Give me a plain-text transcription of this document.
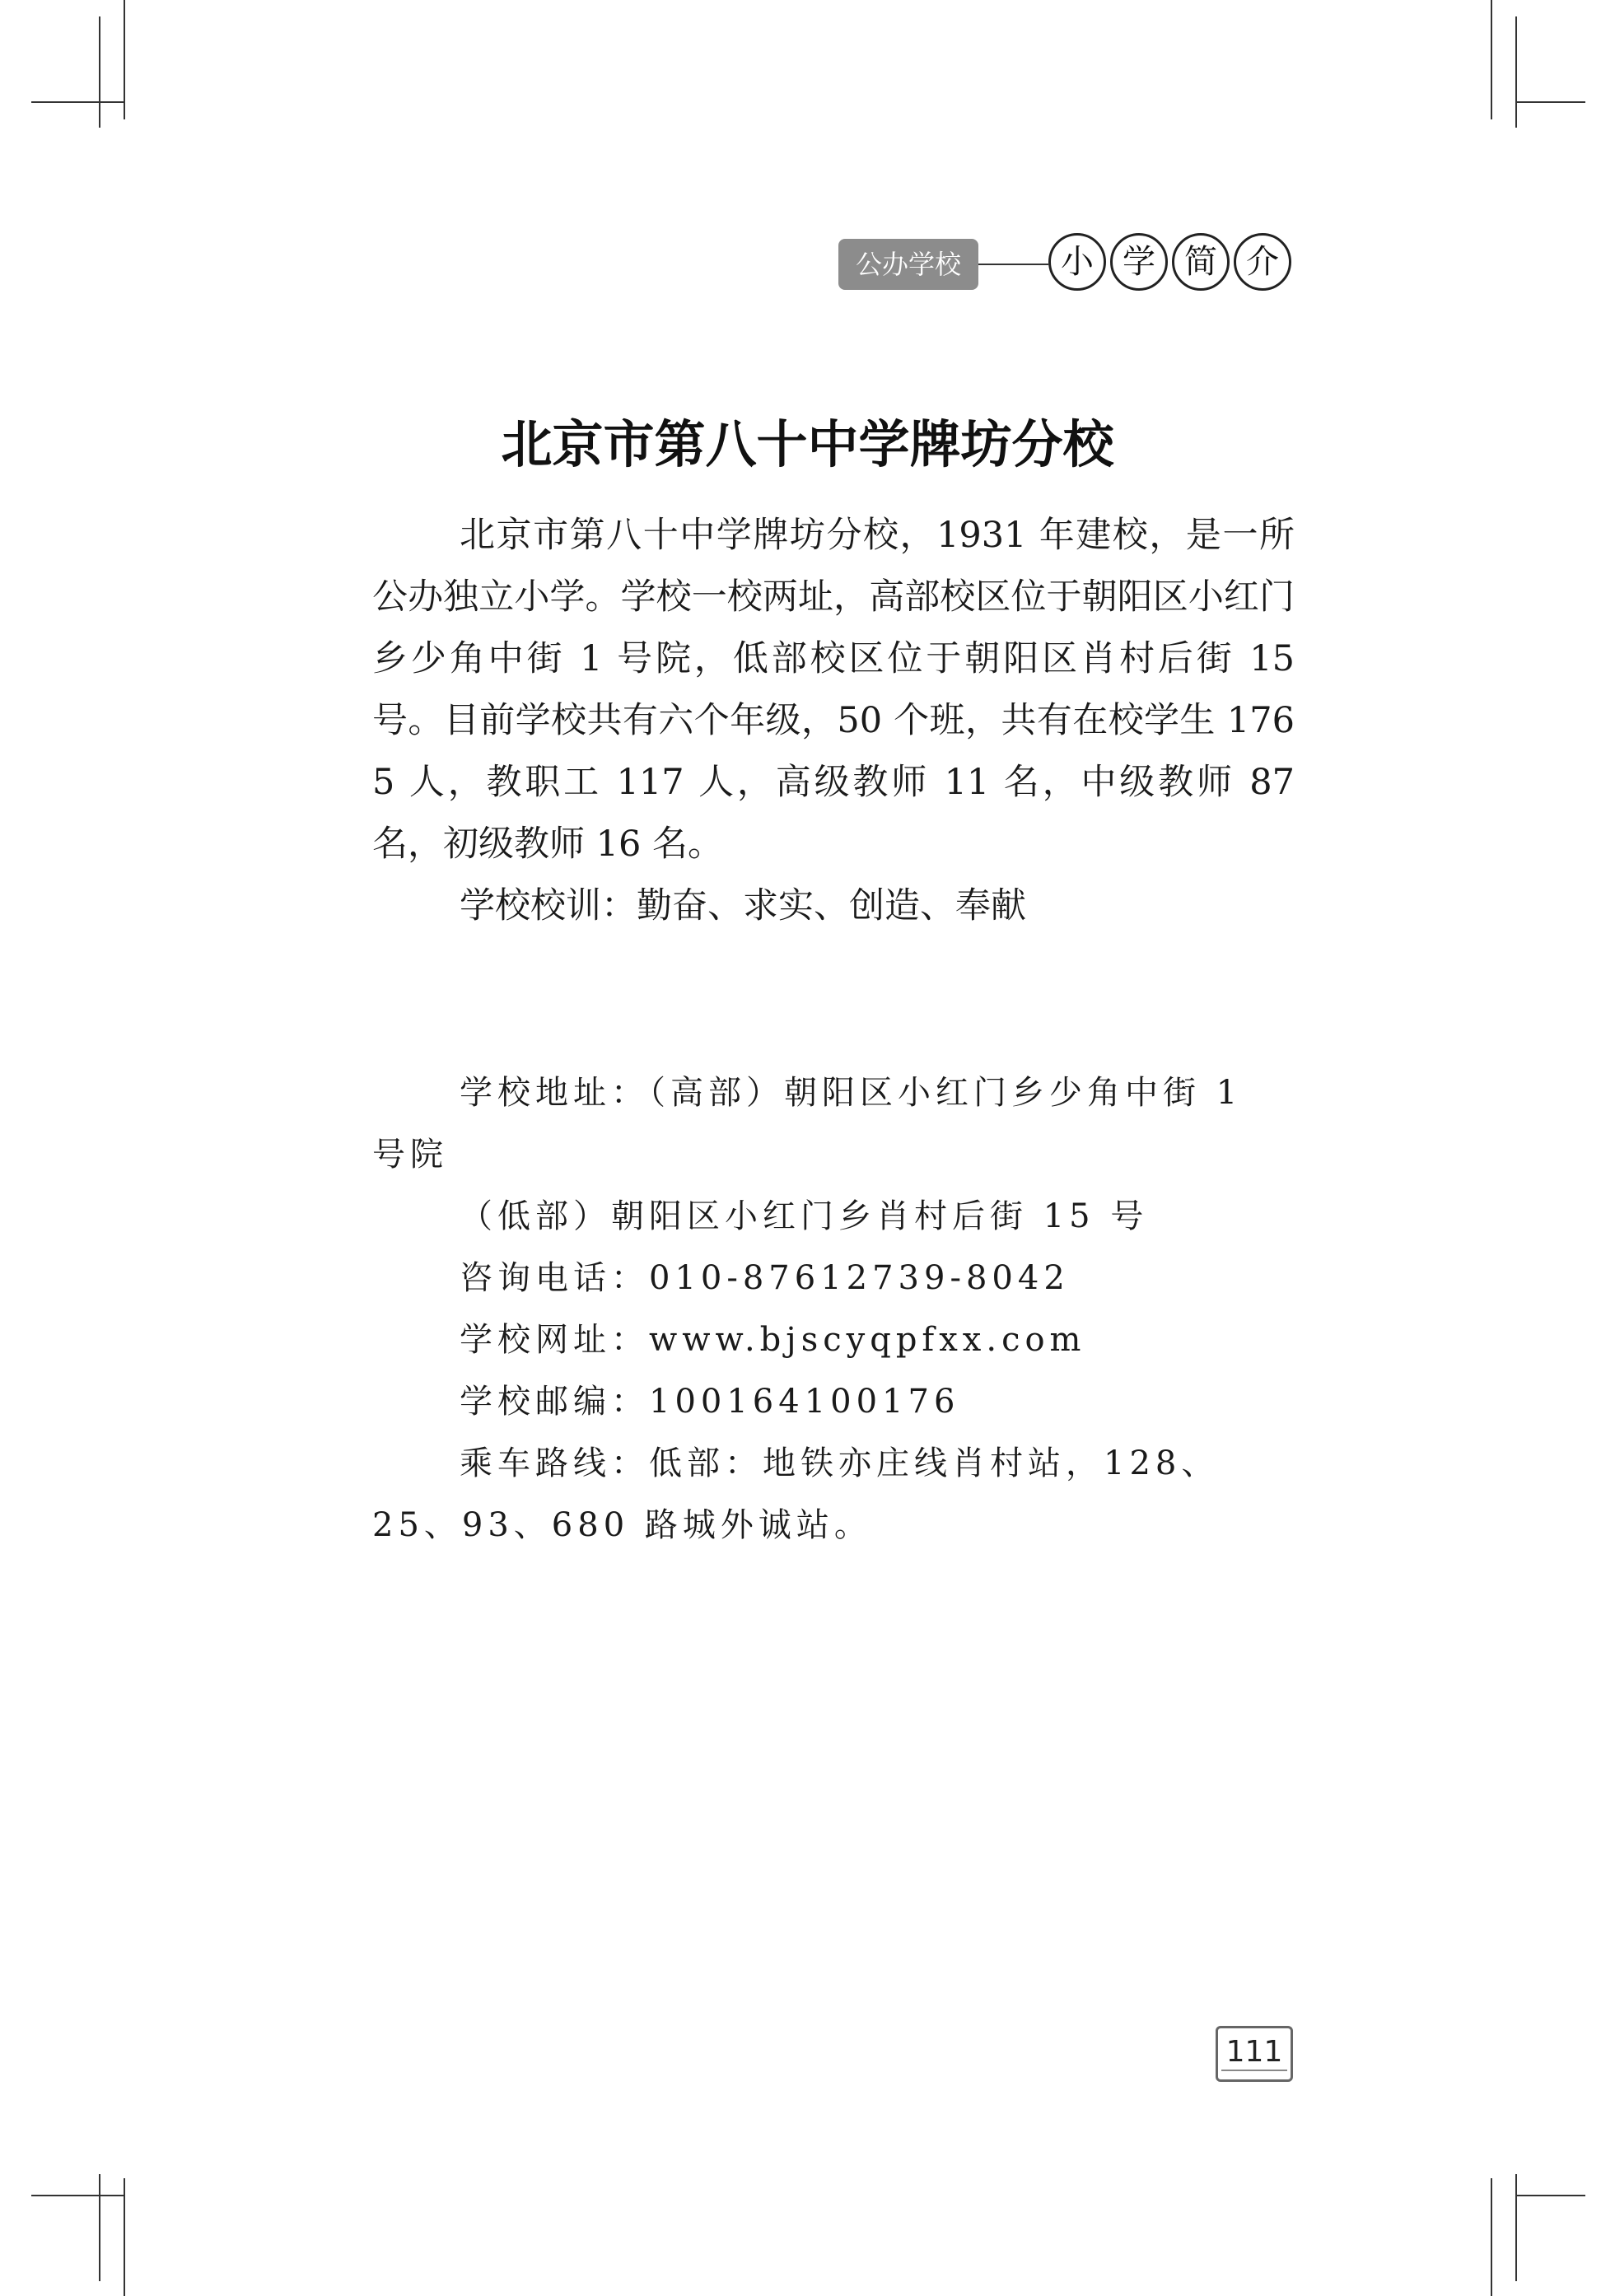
公办学校	小 学 简 介
北京市第八十中学牌坊分校

北京市第八十中学牌坊分校，1931 年建校，是一所公办独立小学。学校一校两址，高部校区位于朝阳区小红门乡少角中街 1 号院，低部校区位于朝阳区肖村后街 15　号。目前学校共有六个年级，50 个班，共有在校学生 1765 人，教职工 117 人，高级教师 11 名，中级教师 87 名，初级教师 16 名。

学校校训：勤奋、求实、创造、奉献

学校地址：（高部）朝阳区小红门乡少角中街 1 号院

（低部）朝阳区小红门乡肖村后街 15 号

咨询电话：010-87612739-8042

学校网址：www.bjscyqpfxx.com

学校邮编：100164100176

乘车路线：低部：地铁亦庄线肖村站，128、25、93、680 路城外诚站。

111
